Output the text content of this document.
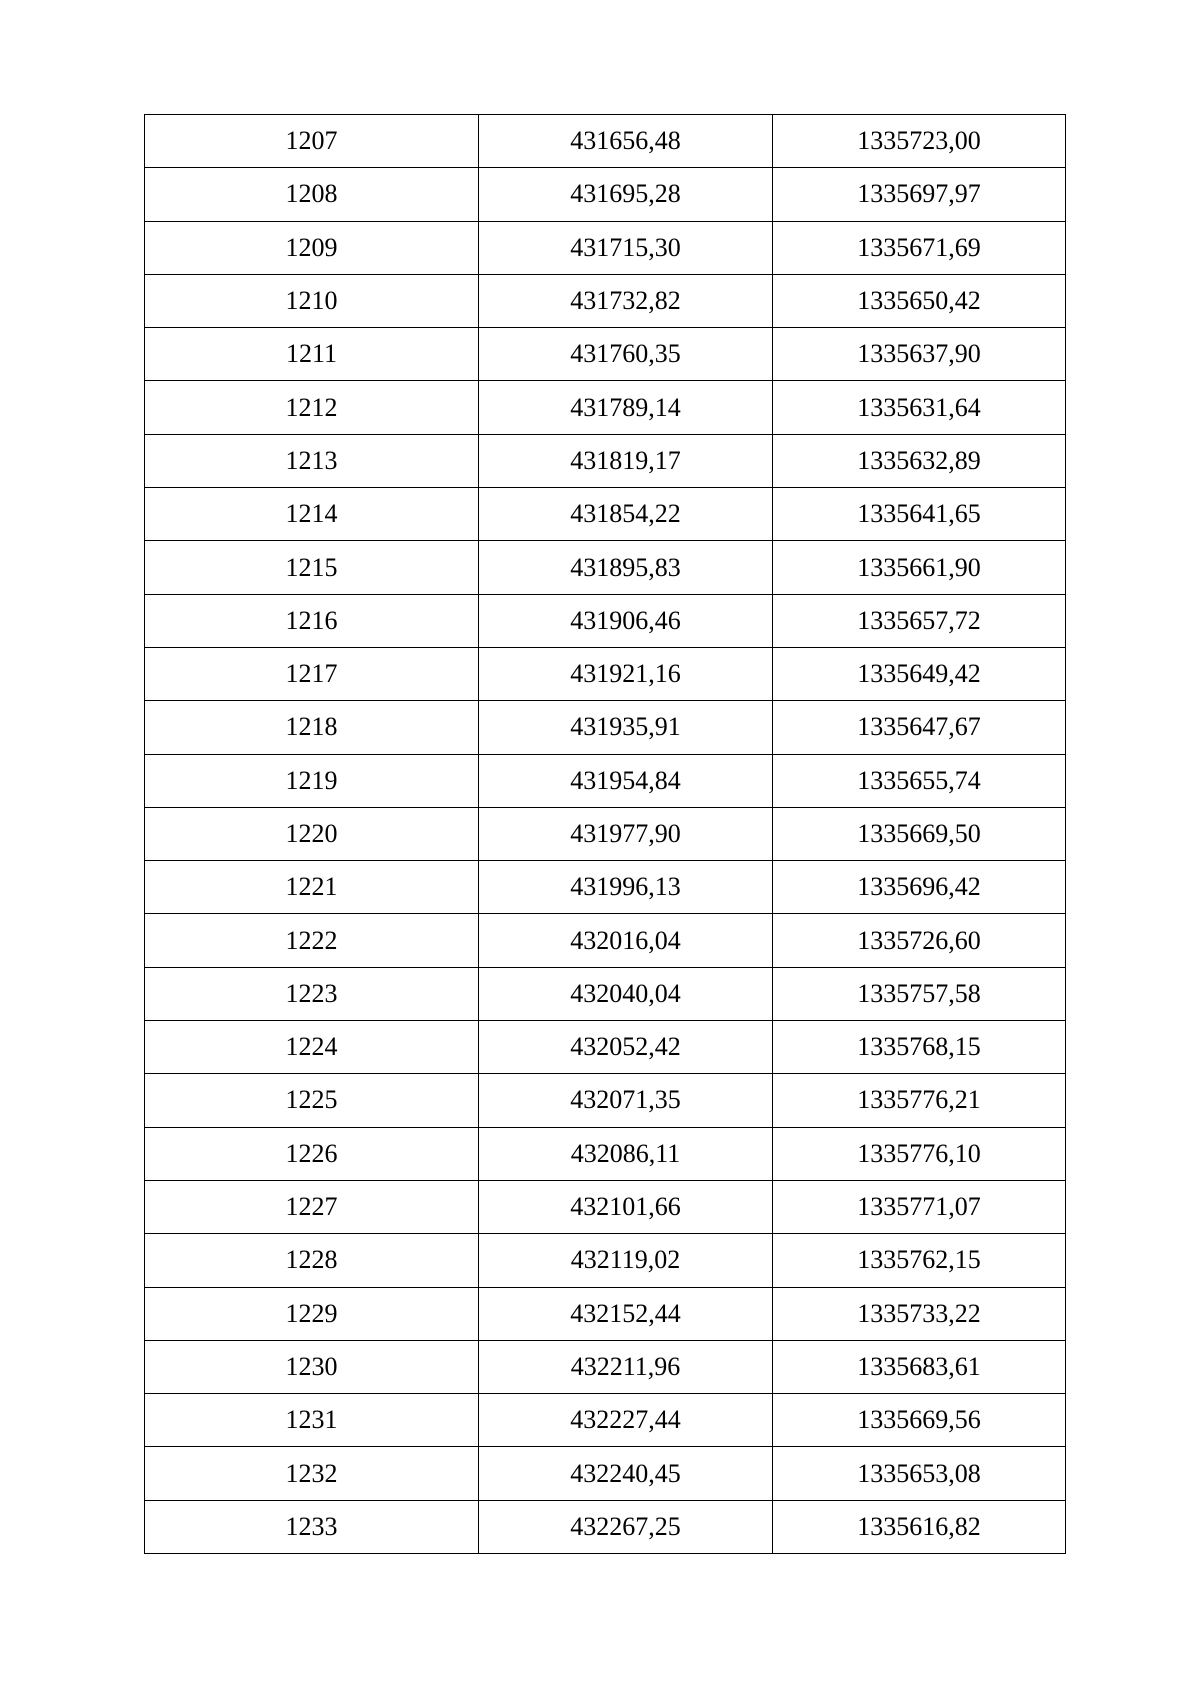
1207	431656,48	1335723,00
1208	431695,28	1335697,97
1209	431715,30	1335671,69
1210	431732,82	1335650,42
1211	431760,35	1335637,90
1212	431789,14	1335631,64
1213	431819,17	1335632,89
1214	431854,22	1335641,65
1215	431895,83	1335661,90
1216	431906,46	1335657,72
1217	431921,16	1335649,42
1218	431935,91	1335647,67
1219	431954,84	1335655,74
1220	431977,90	1335669,50
1221	431996,13	1335696,42
1222	432016,04	1335726,60
1223	432040,04	1335757,58
1224	432052,42	1335768,15
1225	432071,35	1335776,21
1226	432086,11	1335776,10
1227	432101,66	1335771,07
1228	432119,02	1335762,15
1229	432152,44	1335733,22
1230	432211,96	1335683,61
1231	432227,44	1335669,56
1232	432240,45	1335653,08
1233	432267,25	1335616,82
